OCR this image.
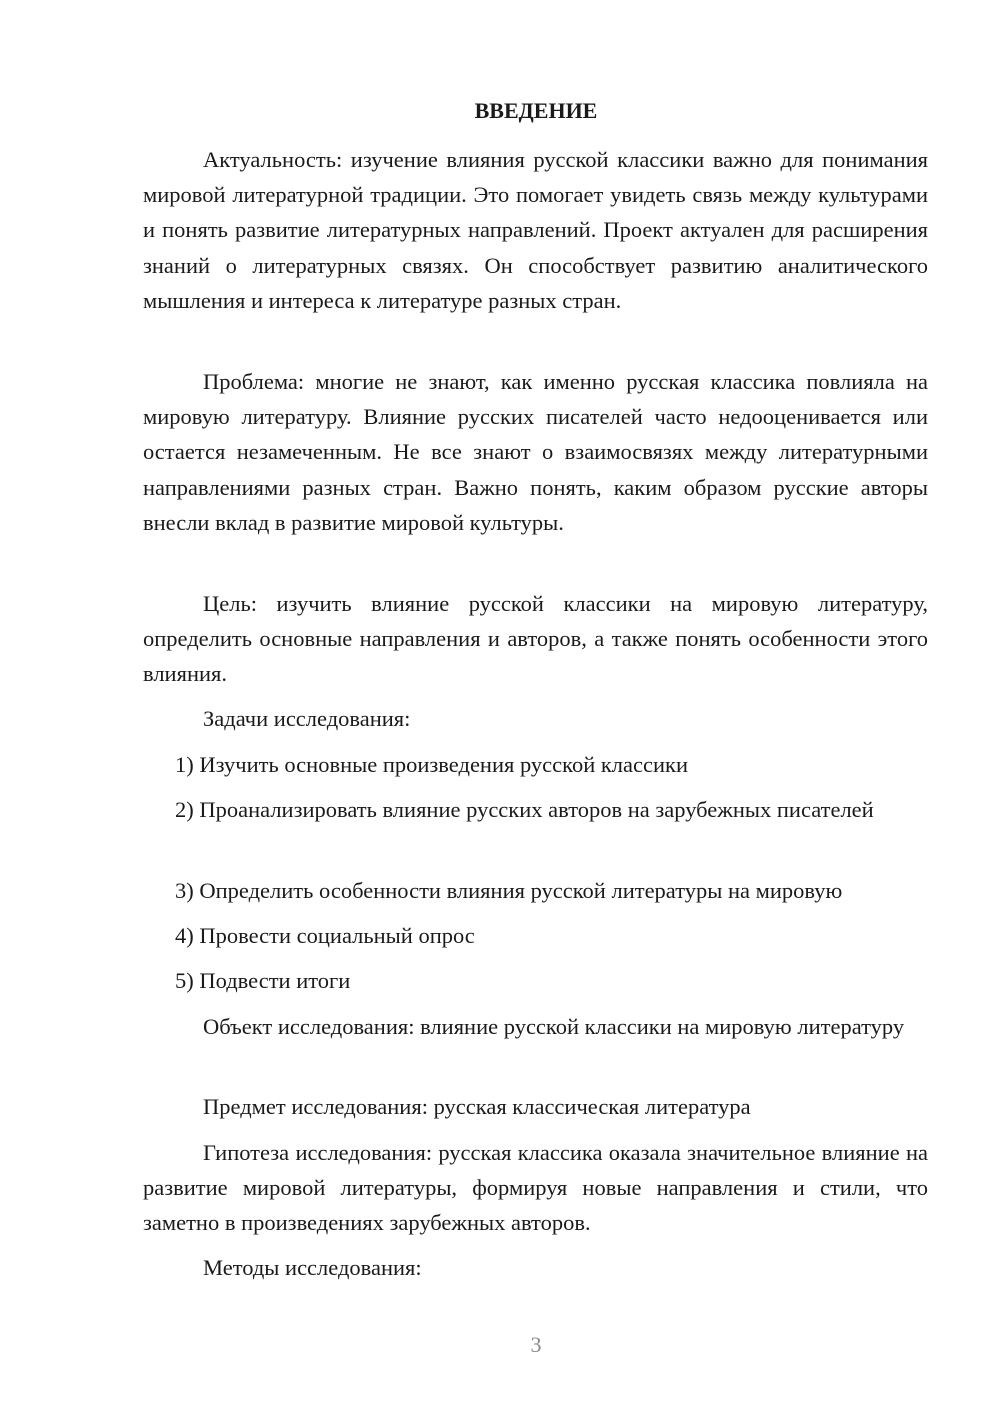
ВВЕДЕНИЕ

Актуальность: изучение влияния русской классики важно для понимания мировой литературной традиции. Это помогает увидеть связь между культурами и понять развитие литературных направлений. Проект актуален для расширения знаний о литературных связях. Он способствует развитию аналитического мышления и интереса к литературе разных стран.

Проблема: многие не знают, как именно русская классика повлияла на мировую литературу. Влияние русских писателей часто недооценивается или остается незамеченным. Не все знают о взаимосвязях между литературными направлениями разных стран. Важно понять, каким образом русские авторы внесли вклад в развитие мировой культуры.

Цель: изучить влияние русской классики на мировую литературу, определить основные направления и авторов, а также понять особенности этого влияния.

Задачи исследования:

1) Изучить основные произведения русской классики

2) Проанализировать влияние русских авторов на зарубежных писателей

3) Определить особенности влияния русской литературы на мировую

4) Провести социальный опрос

5) Подвести итоги

Объект исследования: влияние русской классики на мировую литературу

Предмет исследования: русская классическая литература

Гипотеза исследования: русская классика оказала значительное влияние на развитие мировой литературы, формируя новые направления и стили, что заметно в произведениях зарубежных авторов.

Методы исследования:

3
